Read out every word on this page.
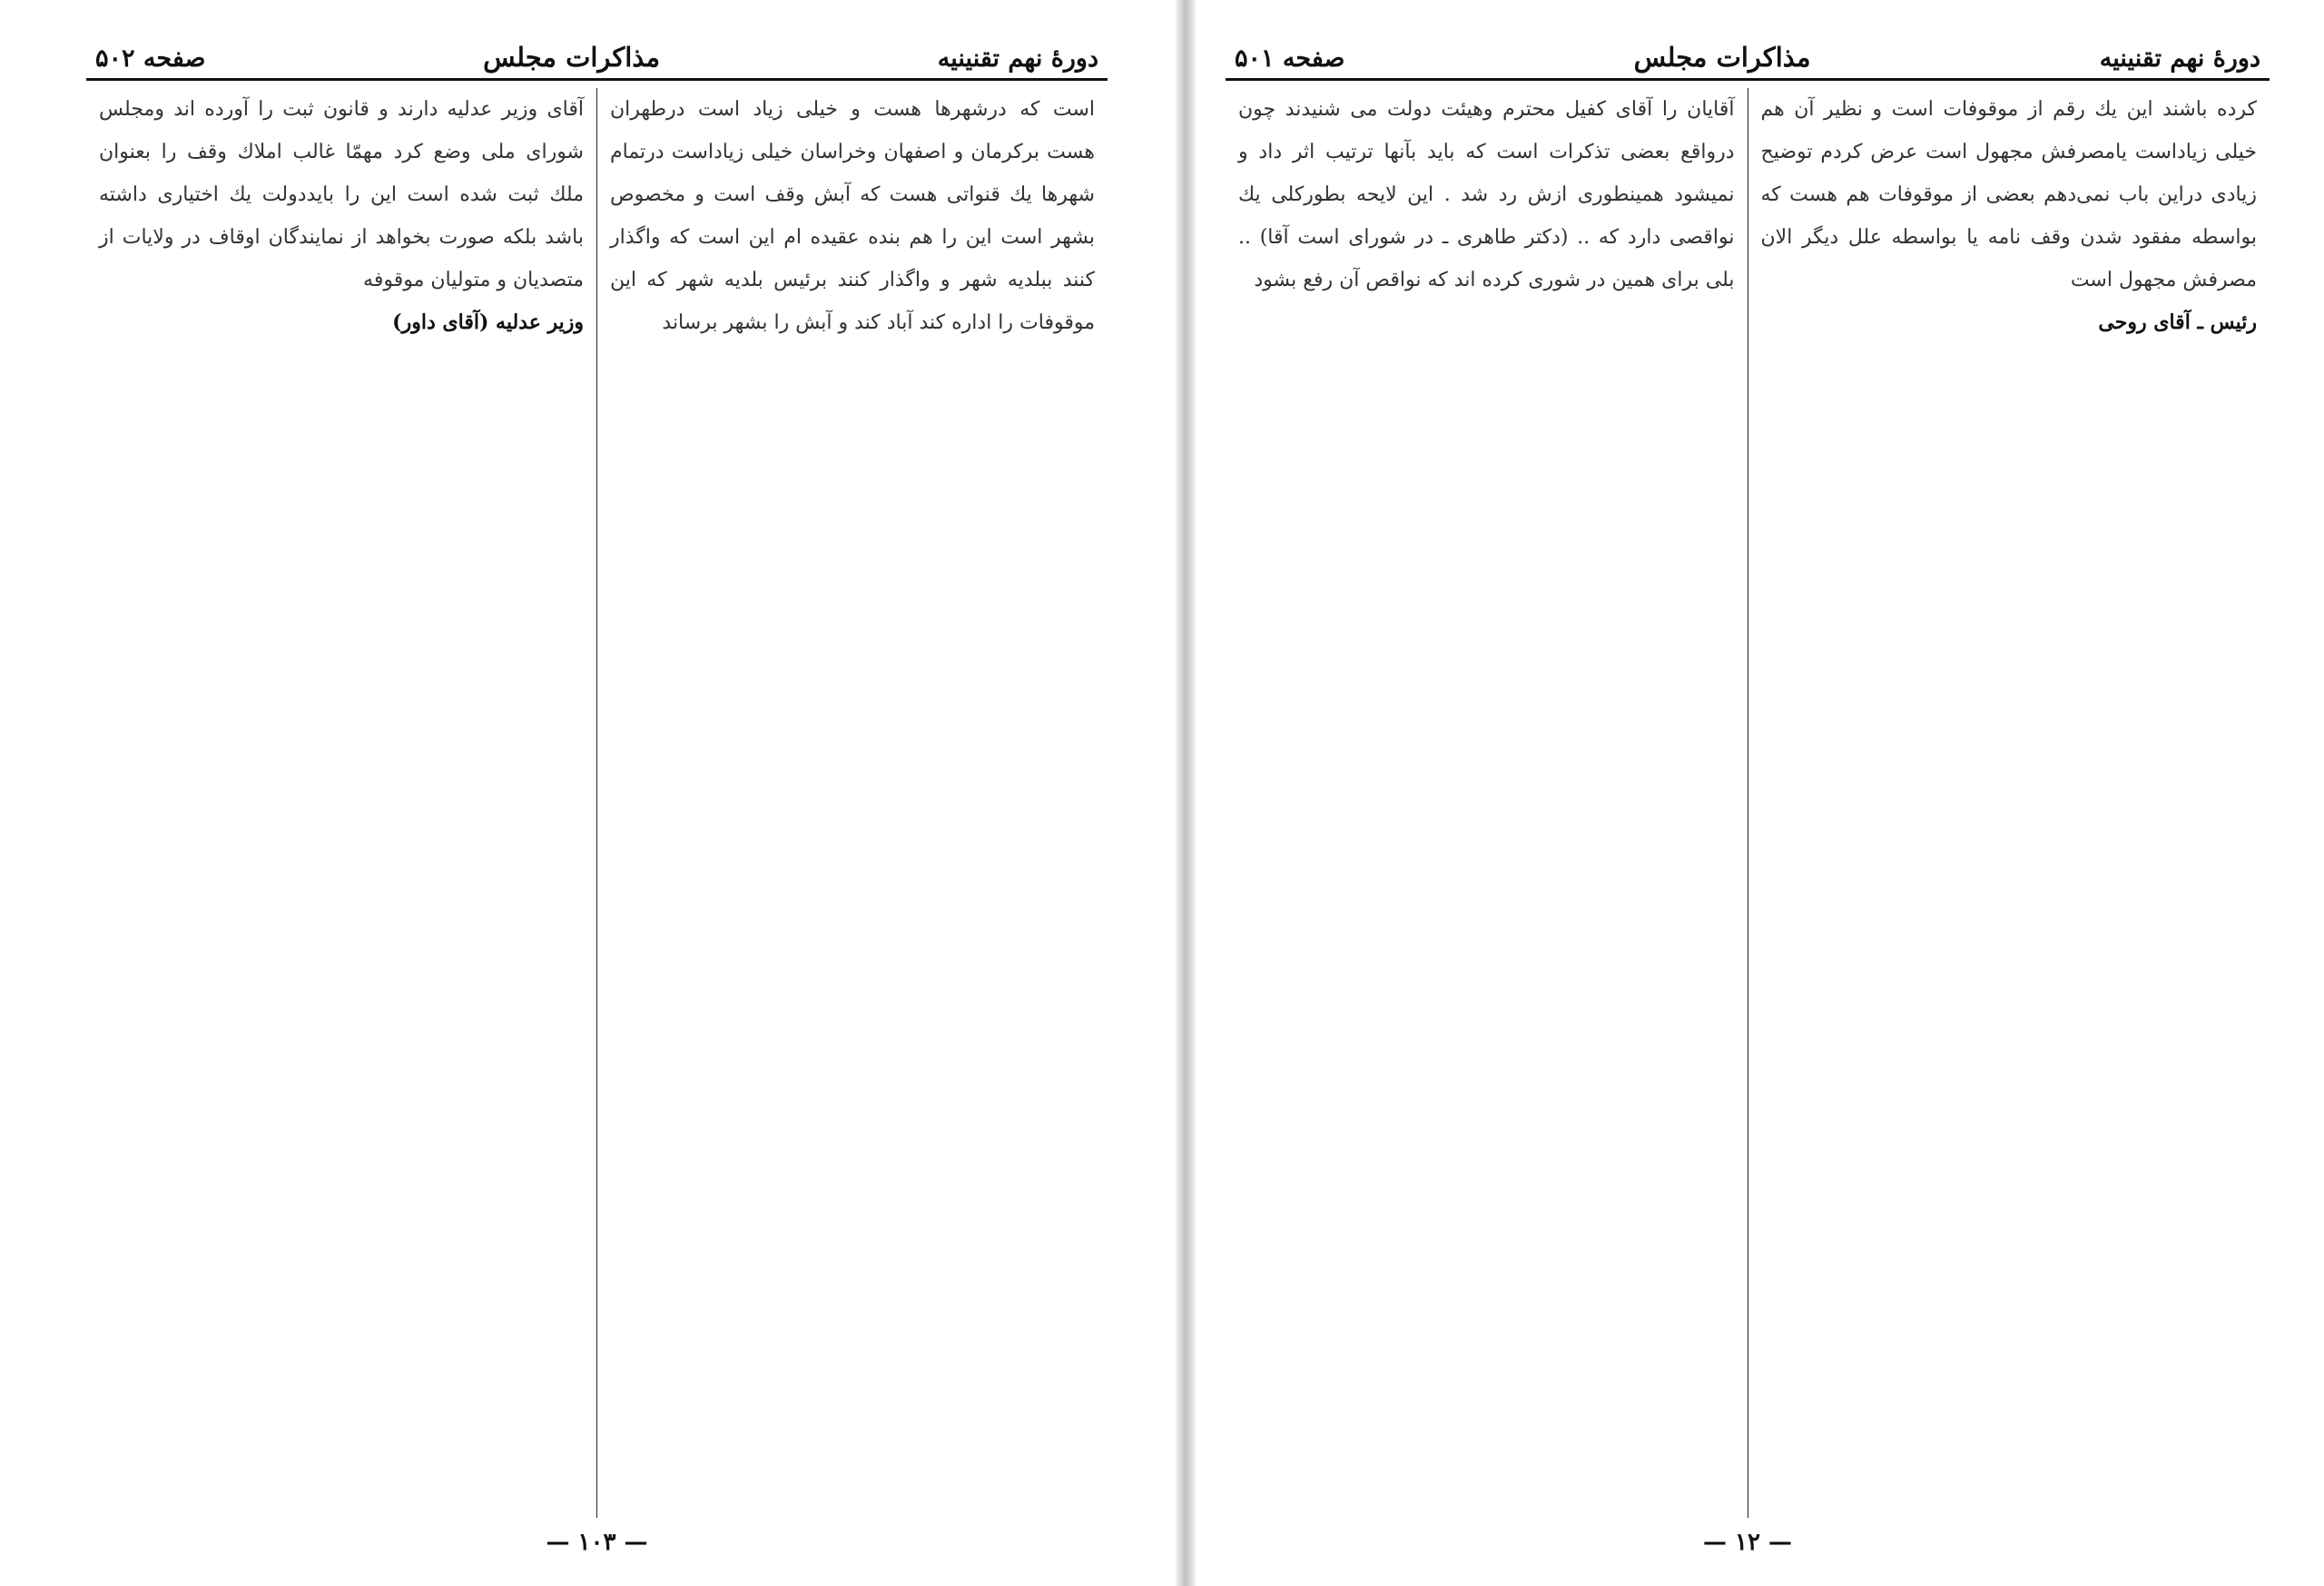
دورهٔ نهم تقنینیه
مذاکرات مجلس
صفحه ۵۰۲

است که درشهرها هست و خیلی زیاد است درطهران هست برکرمان و اصفهان وخراسان خیلی زیاداست درتمام شهرها یك قنواتی هست که آبش وقف است و مخصوص بشهر است این را هم بنده عقیده ام این است که واگذار کنند ببلدیه شهر و واگذار کنند برئیس بلدیه شهر که این موقوفات را اداره کند آباد کند و آبش را بشهر برساند

آقای وزیر عدلیه دارند و قانون ثبت را آورده اند ومجلس شورای ملی وضع کرد مهمّا غالب املاك وقف را بعنوان ملك ثبت شده است این را بایددولت یك اختیاری داشته باشد بلکه صورت بخواهد از نمایندگان اوقاف در ولایات از متصدیان و متولیان موقوفه

وزیر عدلیه (آقای داور)

— ۱۰۳ —
دورهٔ نهم تقنینیه
مذاکرات مجلس
صفحه ۵۰۱

کرده باشند این یك رقم از موقوفات است و نظیر آن هم خیلی زیاداست یامصرفش مجهول است عرض کردم توضیح زیادی دراین باب نمی‌دهم بعضی از موقوفات هم هست که بواسطه مفقود شدن وقف نامه یا بواسطه علل دیگر الان مصرفش مجهول است

رئیس ـ آقای روحی

آقایان را آقای کفیل محترم وهیئت دولت می شنیدند چون درواقع بعضی تذکرات است که باید بآنها ترتیب اثر داد و نمیشود همینطوری ازش رد شد . این لایحه بطورکلی یك نواقصی دارد که .. (دکتر طاهری ـ در شورای است آقا) .. بلی برای همین در شوری کرده اند که نواقص آن رفع بشود

— ۱۲ —
